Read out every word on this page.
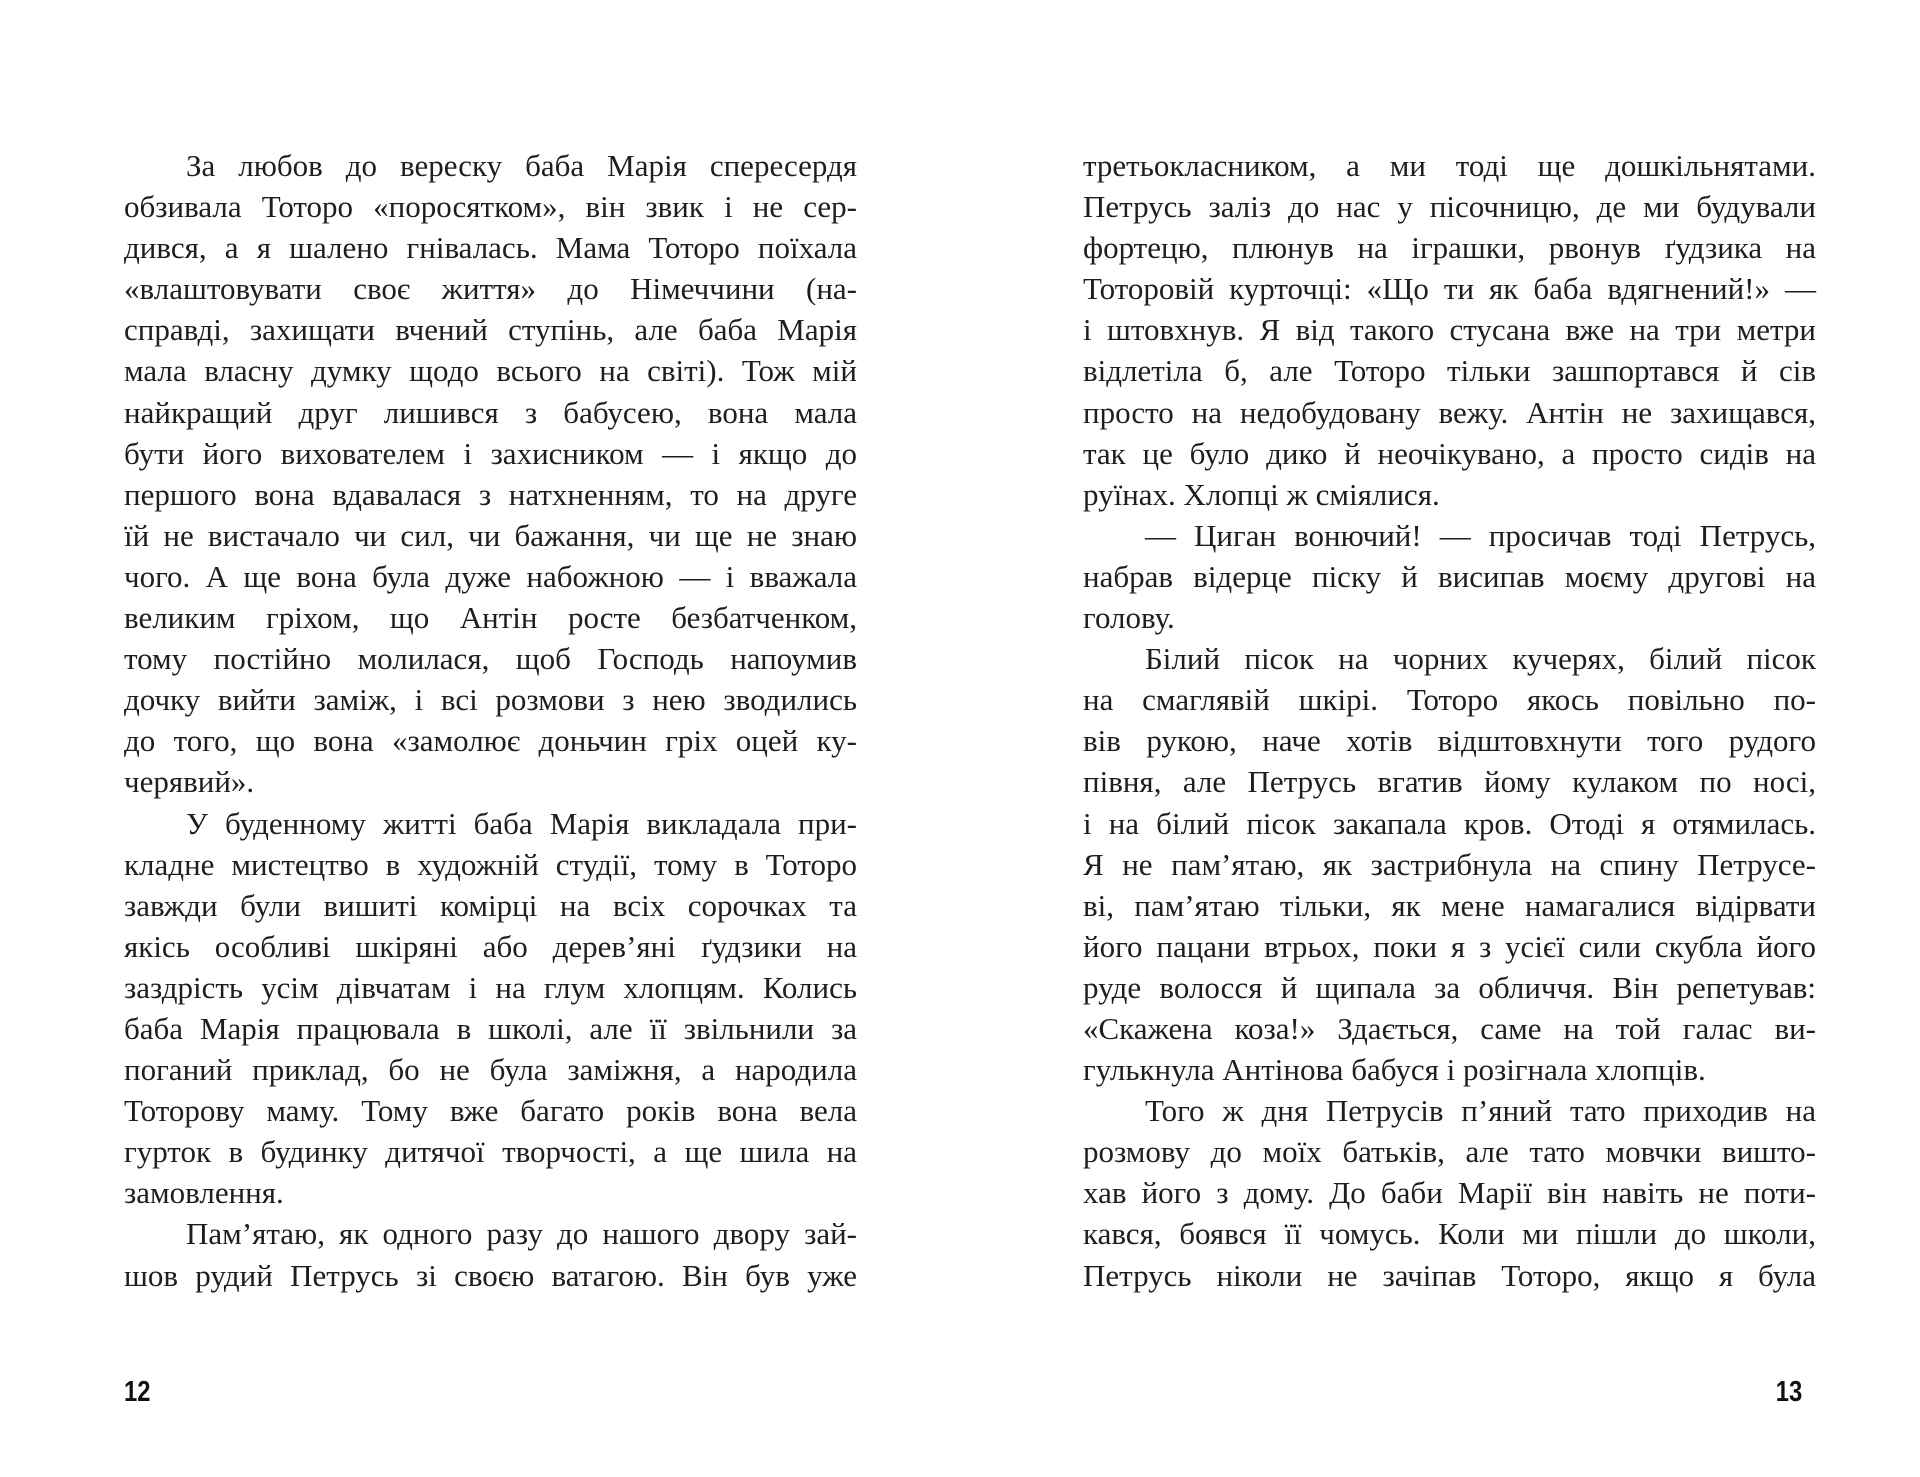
За любов до вереску баба Марія спересердя
обзивала Тоторо «поросятком», він звик і не сер-
дився, а я шалено гнівалась. Мама Тоторо поїхала
«влаштовувати своє життя» до Німеччини (на-
справді, захищати вчений ступінь, але баба Марія
мала власну думку щодо всього на світі). Тож мій
найкращий друг лишився з бабусею, вона мала
бути його вихователем і захисником — і якщо до
першого вона вдавалася з натхненням, то на друге
їй не вистачало чи сил, чи бажання, чи ще не знаю
чого. А ще вона була дуже набожною — і вважала
великим гріхом, що Антін росте безбатченком,
тому постійно молилася, щоб Господь напоумив
дочку вийти заміж, і всі розмови з нею зводились
до того, що вона «замолює доньчин гріх оцей ку-
черявий».
У буденному житті баба Марія викладала при-
кладне мистецтво в художній студії, тому в Тоторо
завжди були вишиті комірці на всіх сорочках та
якісь особливі шкіряні або дерев’яні ґудзики на
заздрість усім дівчатам і на глум хлопцям. Колись
баба Марія працювала в школі, але її звільнили за
поганий приклад, бо не була заміжня, а народила
Тоторову маму. Тому вже багато років вона вела
гурток в будинку дитячої творчості, а ще шила на
замовлення.
Пам’ятаю, як одного разу до нашого двору зай-
шов рудий Петрусь зі своєю ватагою. Він був уже
третьокласником, а ми тоді ще дошкільнятами.
Петрусь заліз до нас у пісочницю, де ми будували
фортецю, плюнув на іграшки, рвонув ґудзика на
Тоторовій курточці: «Що ти як баба вдягнений!» —
і штовхнув. Я від такого стусана вже на три метри
відлетіла б, але Тоторо тільки зашпортався й сів
просто на недобудовану вежу. Антін не захищався,
так це було дико й неочікувано, а просто сидів на
руїнах. Хлопці ж сміялися.
— Циган вонючий! — просичав тоді Петрусь,
набрав відерце піску й висипав моєму другові на
голову.
Білий пісок на чорних кучерях, білий пісок
на смаглявій шкірі. Тоторо якось повільно по-
вів рукою, наче хотів відштовхнути того рудого
півня, але Петрусь вгатив йому кулаком по носі,
і на білий пісок закапала кров. Отоді я отямилась.
Я не пам’ятаю, як застрибнула на спину Петрусе-
ві, пам’ятаю тільки, як мене намагалися відірвати
його пацани втрьох, поки я з усієї сили скубла його
руде волосся й щипала за обличчя. Він репетував:
«Скажена коза!» Здається, саме на той галас ви-
гулькнула Антінова бабуся і розігнала хлопців.
Того ж дня Петрусів п’яний тато приходив на
розмову до моїх батьків, але тато мовчки вишто-
хав його з дому. До баби Марії він навіть не поти-
кався, боявся її чомусь. Коли ми пішли до школи,
Петрусь ніколи не зачіпав Тоторо, якщо я була
12	13
